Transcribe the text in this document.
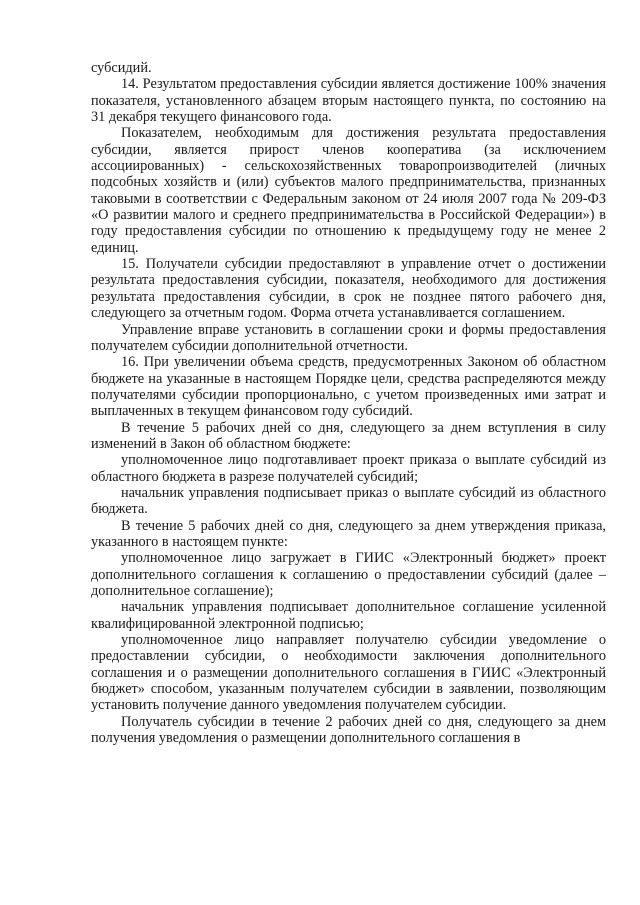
субсидий.

14. Результатом предоставления субсидии является достижение 100% значения показателя, установленного абзацем вторым настоящего пункта, по состоянию на 31 декабря текущего финансового года.

Показателем, необходимым для достижения результата предоставления субсидии, является прирост членов кооператива (за исключением ассоциированных) - сельскохозяйственных товаропроизводителей (личных подсобных хозяйств и (или) субъектов малого предпринимательства, признанных таковыми в соответствии с Федеральным законом от 24 июля 2007 года № 209-ФЗ «О развитии малого и среднего предпринимательства в Российской Федерации») в году предоставления субсидии по отношению к предыдущему году не менее 2 единиц.

15. Получатели субсидии предоставляют в управление отчет о достижении результата предоставления субсидии, показателя, необходимого для достижения результата предоставления субсидии, в срок не позднее пятого рабочего дня, следующего за отчетным годом. Форма отчета устанавливается соглашением.

Управление вправе установить в соглашении сроки и формы предоставления получателем субсидии дополнительной отчетности.

16. При увеличении объема средств, предусмотренных Законом об областном бюджете на указанные в настоящем Порядке цели, средства распределяются между получателями субсидии пропорционально, с учетом произведенных ими затрат и выплаченных в текущем финансовом году субсидий.

В течение 5 рабочих дней со дня, следующего за днем вступления в силу изменений в Закон об областном бюджете:

уполномоченное лицо подготавливает проект приказа о выплате субсидий из областного бюджета в разрезе получателей субсидий;

начальник управления подписывает приказ о выплате субсидий из областного бюджета.

В течение 5 рабочих дней со дня, следующего за днем утверждения приказа, указанного в настоящем пункте:

уполномоченное лицо загружает в ГИИС «Электронный бюджет» проект дополнительного соглашения к соглашению о предоставлении субсидий (далее – дополнительное соглашение);

начальник управления подписывает дополнительное соглашение усиленной квалифицированной электронной подписью;

уполномоченное лицо направляет получателю субсидии уведомление о предоставлении субсидии, о необходимости заключения дополнительного соглашения и о размещении дополнительного соглашения в ГИИС «Электронный бюджет» способом, указанным получателем субсидии в заявлении, позволяющим установить получение данного уведомления получателем субсидии.

Получатель субсидии в течение 2 рабочих дней со дня, следующего за днем получения уведомления о размещении дополнительного соглашения в
